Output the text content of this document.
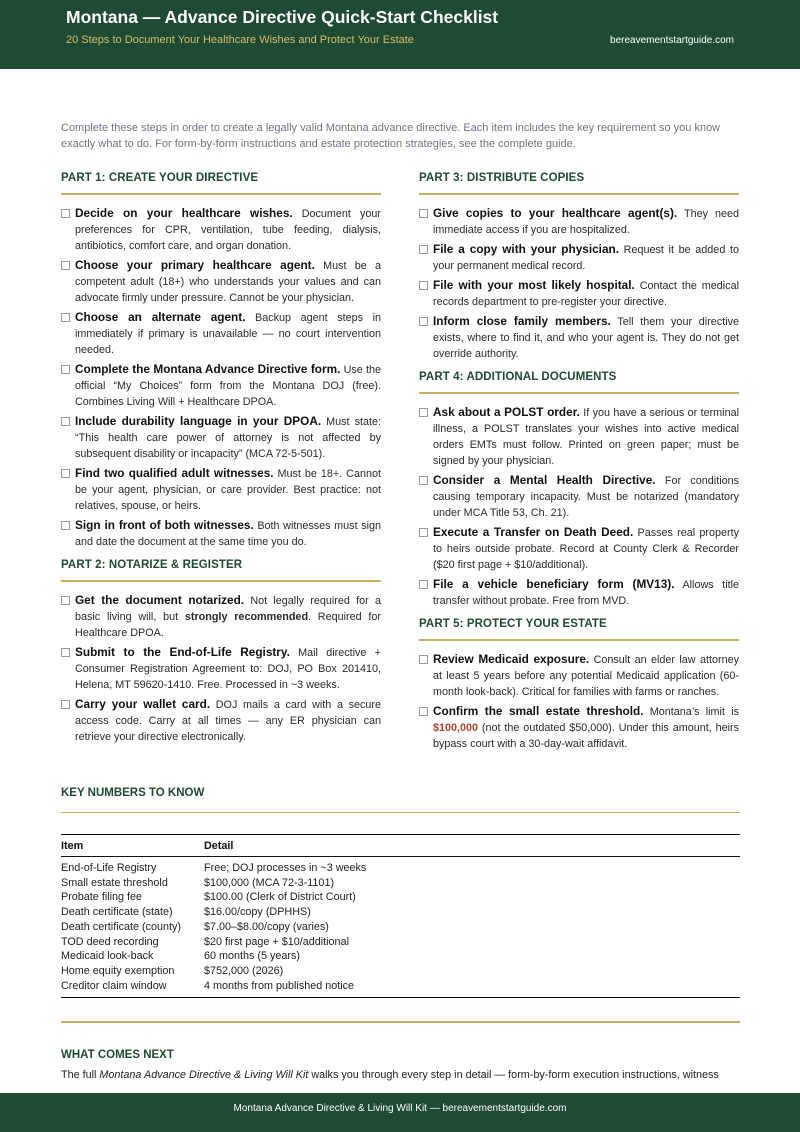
Montana — Advance Directive Quick-Start Checklist
20 Steps to Document Your Healthcare Wishes and Protect Your Estate	bereavementstartguide.com
Complete these steps in order to create a legally valid Montana advance directive. Each item includes the key requirement so you know exactly what to do. For form-by-form instructions and estate protection strategies, see the complete guide.
PART 1: CREATE YOUR DIRECTIVE
Decide on your healthcare wishes. Document your preferences for CPR, ventilation, tube feeding, dialysis, antibiotics, comfort care, and organ donation.
Choose your primary healthcare agent. Must be a competent adult (18+) who understands your values and can advocate firmly under pressure. Cannot be your physician.
Choose an alternate agent. Backup agent steps in immediately if primary is unavailable — no court intervention needed.
Complete the Montana Advance Directive form. Use the official “My Choices” form from the Montana DOJ (free). Combines Living Will + Healthcare DPOA.
Include durability language in your DPOA. Must state: “This health care power of attorney is not affected by subsequent disability or incapacity” (MCA 72-5-501).
Find two qualified adult witnesses. Must be 18+. Cannot be your agent, physician, or care provider. Best practice: not relatives, spouse, or heirs.
Sign in front of both witnesses. Both witnesses must sign and date the document at the same time you do.
PART 2: NOTARIZE & REGISTER
Get the document notarized. Not legally required for a basic living will, but strongly recommended. Required for Healthcare DPOA.
Submit to the End-of-Life Registry. Mail directive + Consumer Registration Agreement to: DOJ, PO Box 201410, Helena, MT 59620-1410. Free. Processed in ~3 weeks.
Carry your wallet card. DOJ mails a card with a secure access code. Carry at all times — any ER physician can retrieve your directive electronically.
PART 3: DISTRIBUTE COPIES
Give copies to your healthcare agent(s). They need immediate access if you are hospitalized.
File a copy with your physician. Request it be added to your permanent medical record.
File with your most likely hospital. Contact the medical records department to pre-register your directive.
Inform close family members. Tell them your directive exists, where to find it, and who your agent is. They do not get override authority.
PART 4: ADDITIONAL DOCUMENTS
Ask about a POLST order. If you have a serious or terminal illness, a POLST translates your wishes into active medical orders EMTs must follow. Printed on green paper; must be signed by your physician.
Consider a Mental Health Directive. For conditions causing temporary incapacity. Must be notarized (mandatory under MCA Title 53, Ch. 21).
Execute a Transfer on Death Deed. Passes real property to heirs outside probate. Record at County Clerk & Recorder ($20 first page + $10/additional).
File a vehicle beneficiary form (MV13). Allows title transfer without probate. Free from MVD.
PART 5: PROTECT YOUR ESTATE
Review Medicaid exposure. Consult an elder law attorney at least 5 years before any potential Medicaid application (60-month look-back). Critical for families with farms or ranches.
Confirm the small estate threshold. Montana’s limit is $100,000 (not the outdated $50,000). Under this amount, heirs bypass court with a 30-day-wait affidavit.
KEY NUMBERS TO KNOW
Item	Detail
End-of-Life Registry	Free; DOJ processes in ~3 weeks
Small estate threshold	$100,000 (MCA 72-3-1101)
Probate filing fee	$100.00 (Clerk of District Court)
Death certificate (state)	$16.00/copy (DPHHS)
Death certificate (county)	$7.00–$8.00/copy (varies)
TOD deed recording	$20 first page + $10/additional
Medicaid look-back	60 months (5 years)
Home equity exemption	$752,000 (2026)
Creditor claim window	4 months from published notice
WHAT COMES NEXT
The full Montana Advance Directive & Living Will Kit walks you through every step in detail — form-by-form execution instructions, witness
Montana Advance Directive & Living Will Kit — bereavementstartguide.com
